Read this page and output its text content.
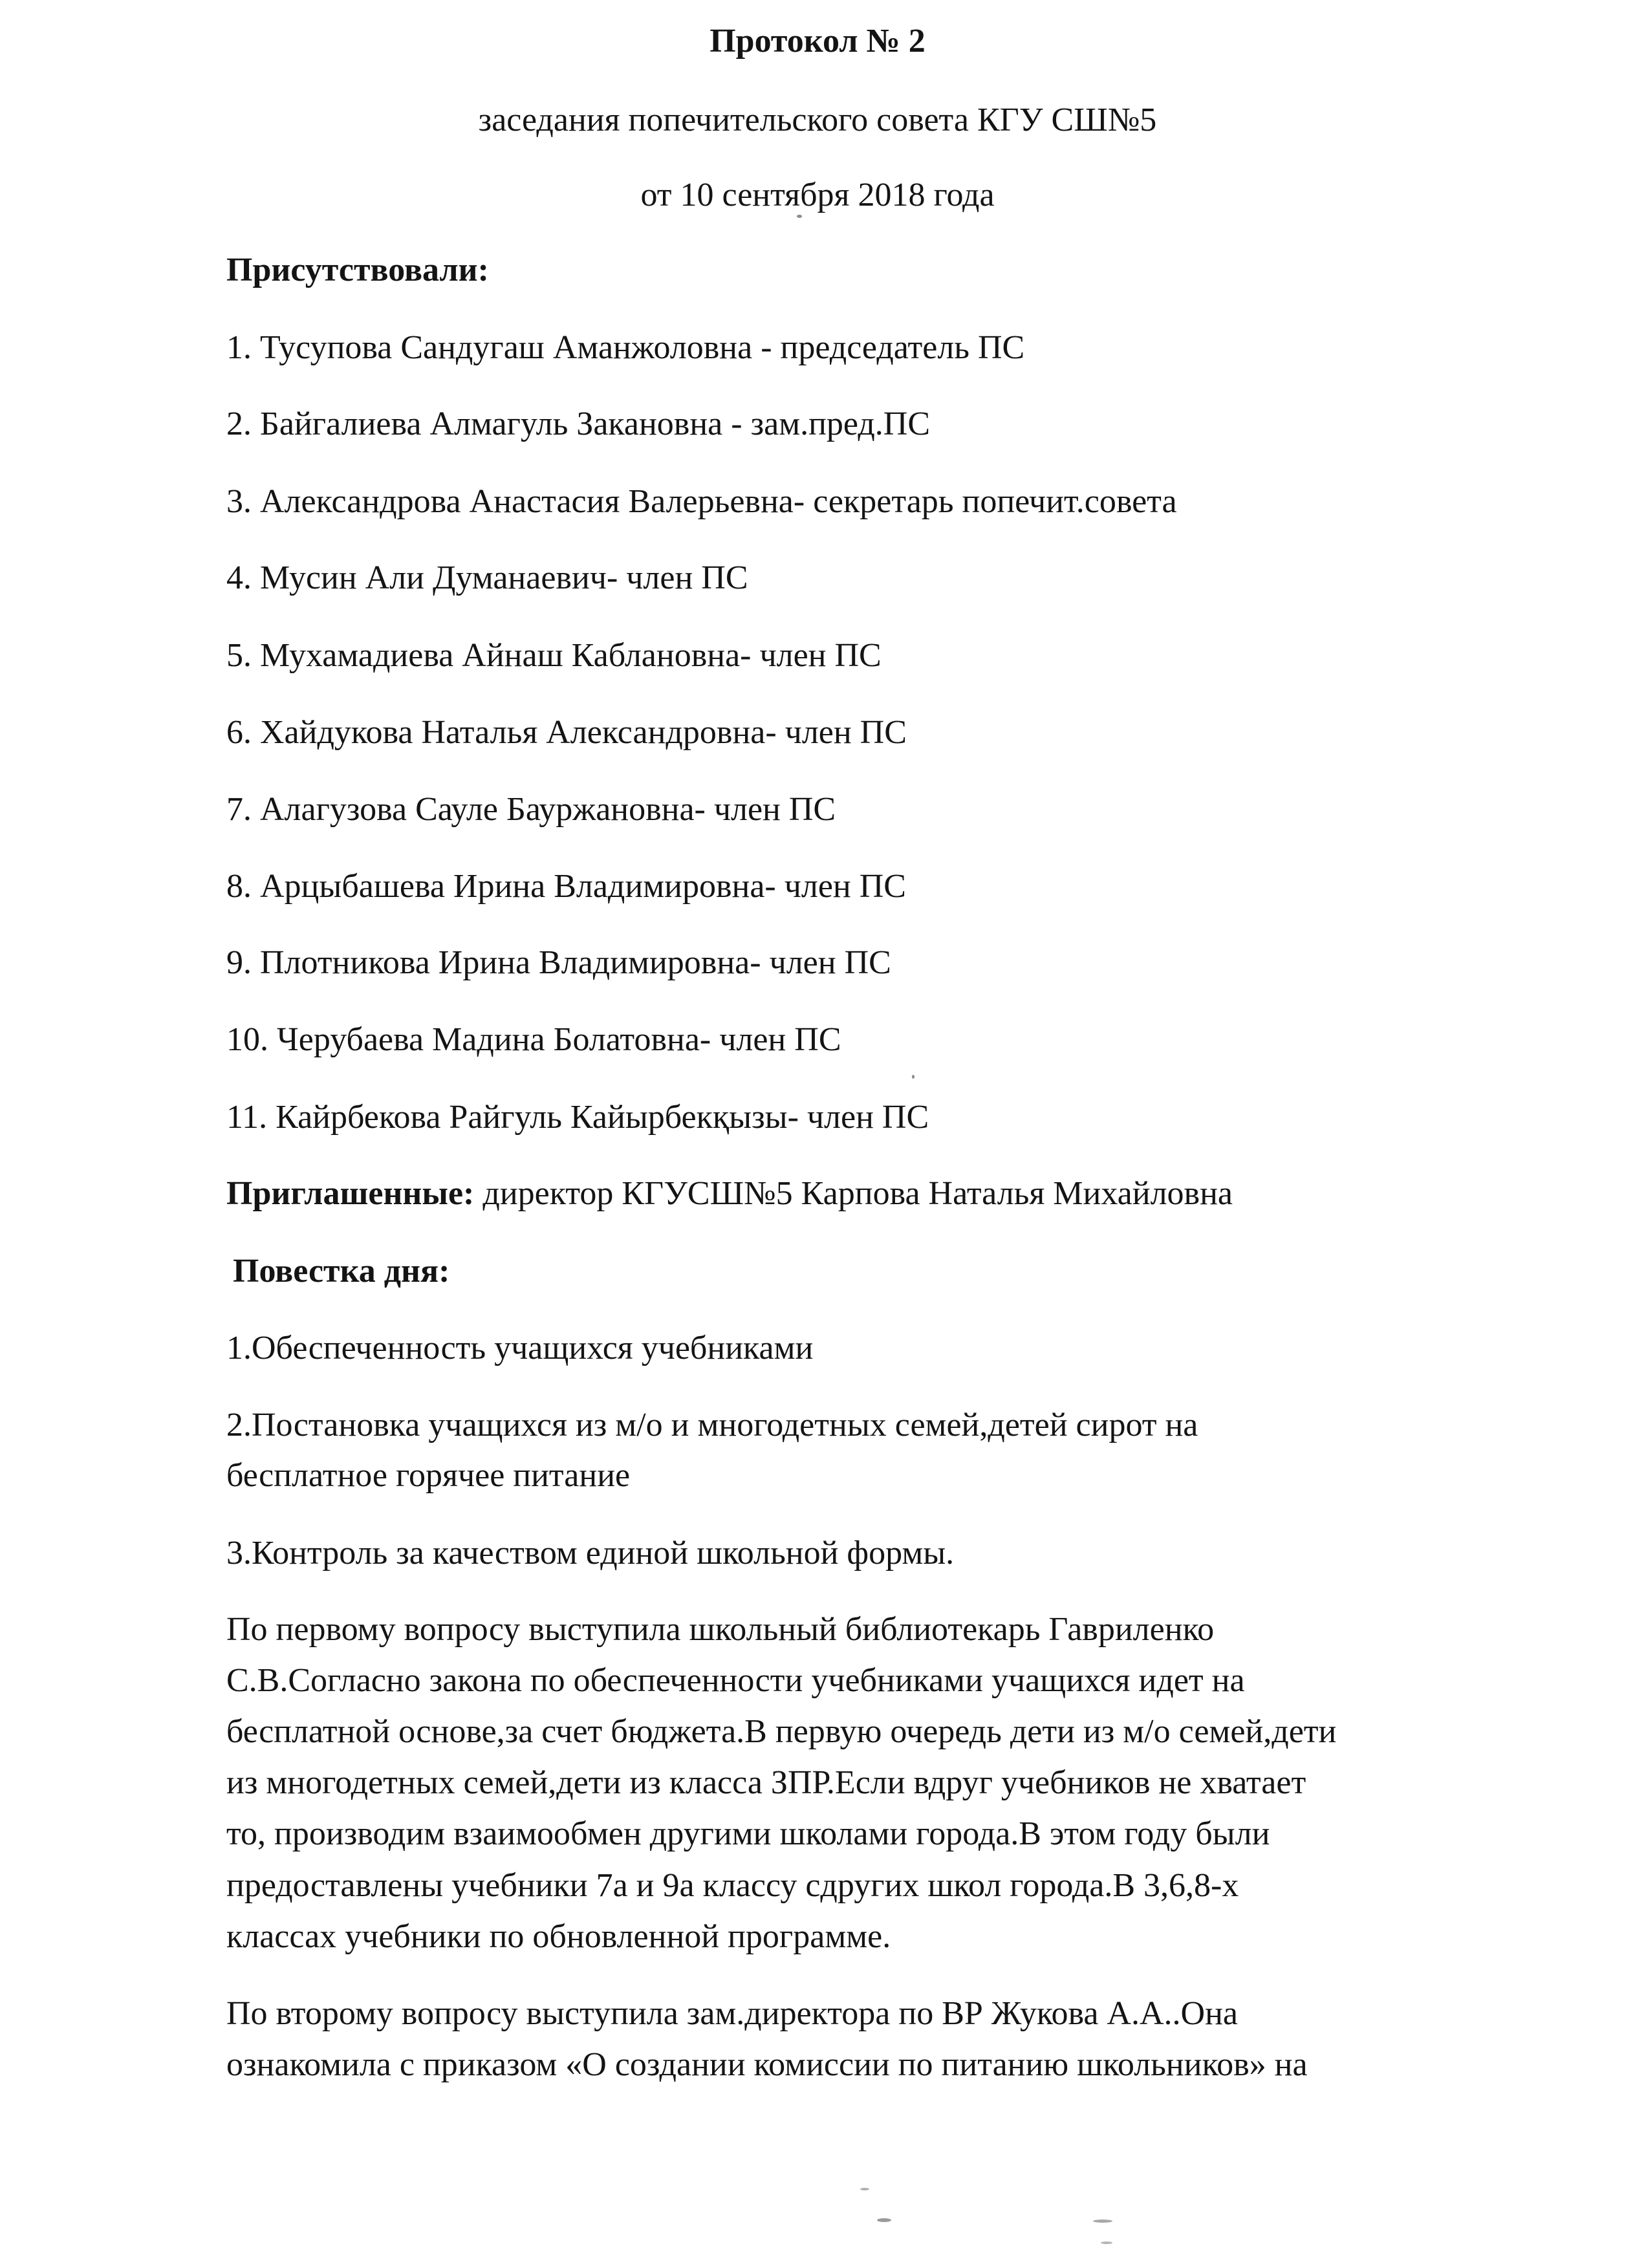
Протокол № 2
заседания попечительского совета КГУ СШ№5
от 10 сентября 2018 года
Присутствовали:
1. Тусупова Сандугаш Аманжоловна - председатель ПС
2. Байгалиева Алмагуль Закановна - зам.пред.ПС
3. Александрова Анастасия Валерьевна- секретарь попечит.совета
4. Мусин Али Думанаевич- член ПС
5. Мухамадиева Айнаш Каблановна- член ПС
6. Хайдукова Наталья Александровна- член ПС
7. Алагузова Сауле Бауржановна- член ПС
8. Арцыбашева Ирина Владимировна- член ПС
9. Плотникова Ирина Владимировна- член ПС
10. Черубаева Мадина Болатовна- член ПС
11. Кайрбекова Райгуль Кайырбекқызы- член ПС
Приглашенные: директор КГУСШ№5 Карпова Наталья Михайловна
Повестка дня:
1.Обеспеченность учащихся учебниками
2.Постановка учащихся из м/о и многодетных семей,детей сирот на
бесплатное горячее питание
3.Контроль за качеством единой школьной формы.
По первому вопросу выступила школьный библиотекарь Гавриленко
С.В.Согласно закона по обеспеченности учебниками учащихся идет на
бесплатной основе,за счет бюджета.В первую очередь дети из м/о семей,дети
из многодетных семей,дети из класса ЗПР.Если вдруг учебников не хватает
то, производим взаимообмен другими школами города.В этом году были
предоставлены учебники 7а и 9а классу сдругих школ города.В 3,6,8-х
классах учебники по обновленной программе.
По второму вопросу выступила зам.директора по ВР Жукова А.А..Она
ознакомила с приказом «О создании комиссии по питанию школьников» на
